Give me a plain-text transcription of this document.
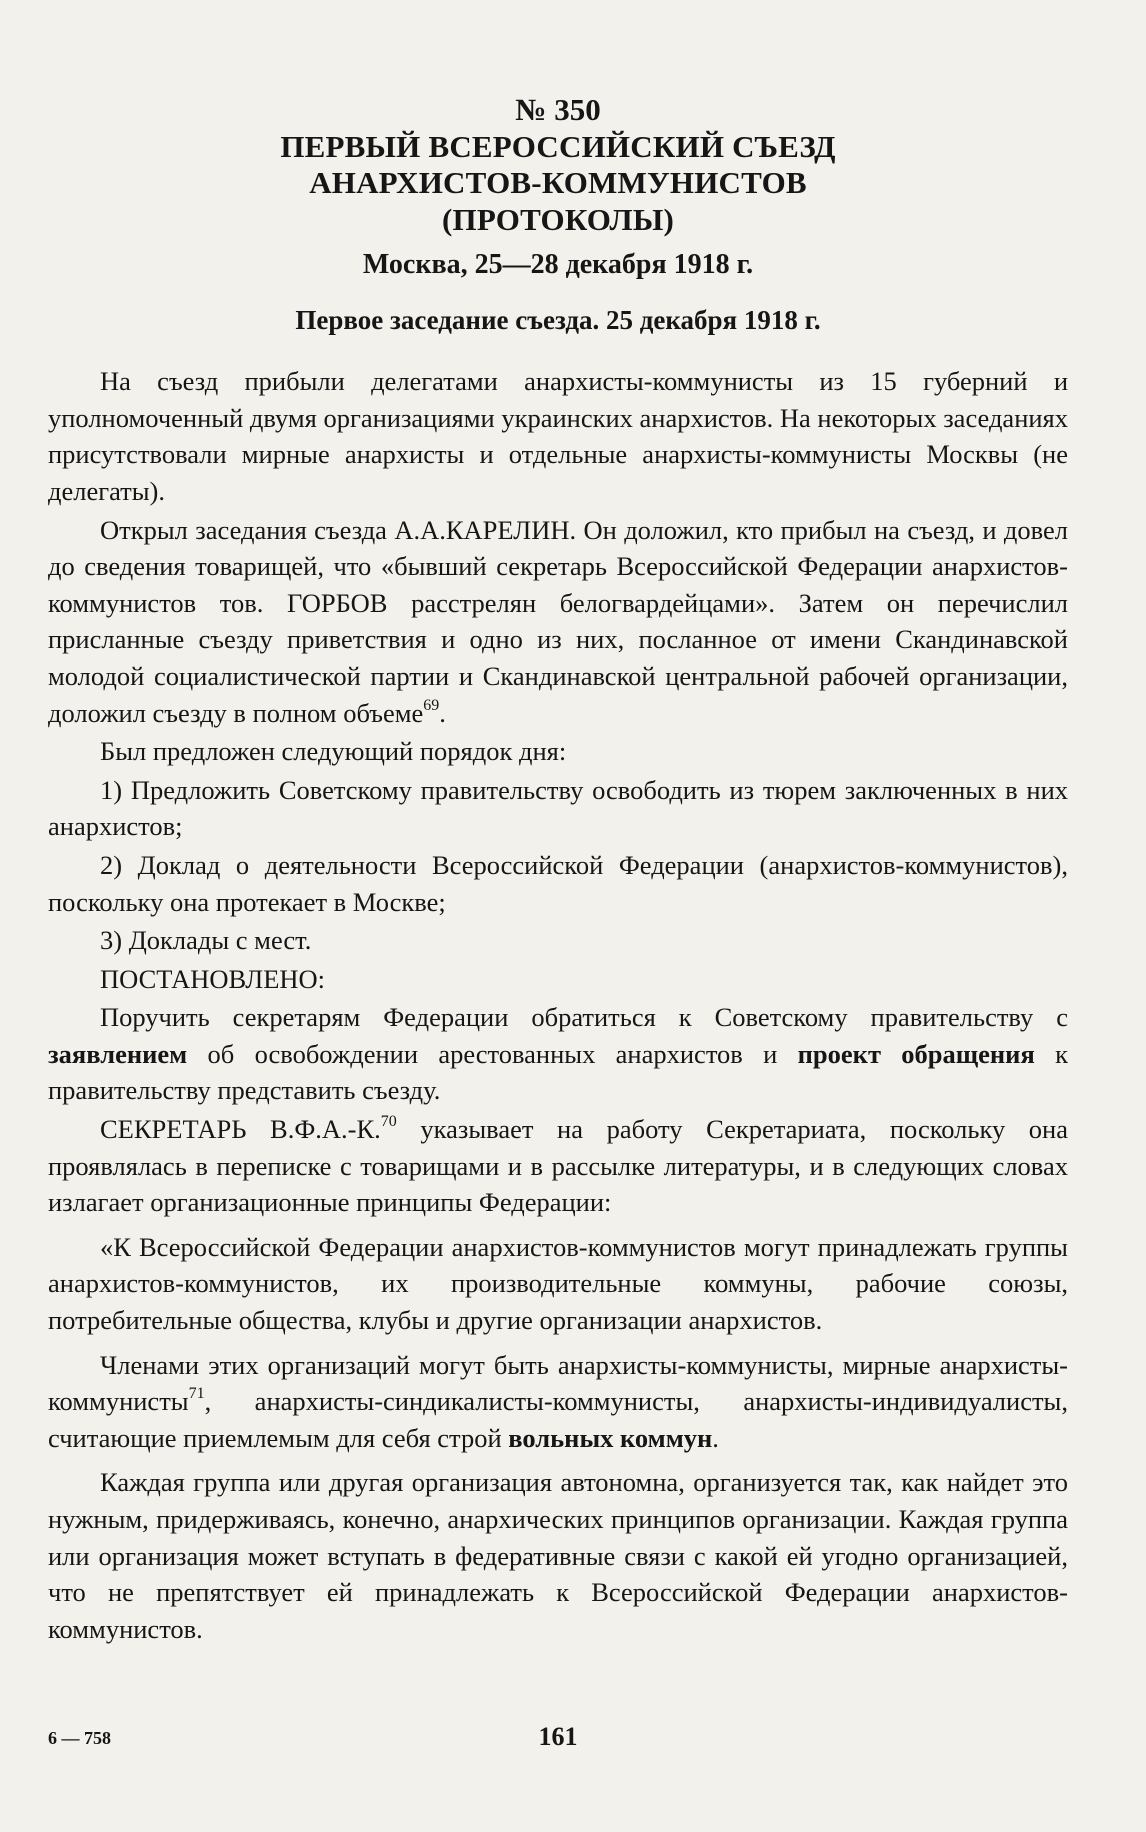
№ 350
ПЕРВЫЙ ВСЕРОССИЙСКИЙ СЪЕЗД
АНАРХИСТОВ-КОММУНИСТОВ
(ПРОТОКОЛЫ)
Москва, 25—28 декабря 1918 г.
Первое заседание съезда. 25 декабря 1918 г.

На съезд прибыли делегатами анархисты-коммунисты из 15 губерний и уполномоченный двумя организациями украинских анархистов. На некоторых заседаниях присутствовали мирные анархисты и отдельные анархисты-коммунисты Москвы (не делегаты).

Открыл заседания съезда А.А.КАРЕЛИН. Он доложил, кто прибыл на съезд, и довел до сведения товарищей, что «бывший секретарь Всероссийской Федерации анархистов-коммунистов тов. ГОРБОВ расстрелян белогвардейцами». Затем он перечислил присланные съезду приветствия и одно из них, посланное от имени Скандинавской молодой социалистической партии и Скандинавской центральной рабочей организации, доложил съезду в полном объеме$^{69}$.

Был предложен следующий порядок дня:

1) Предложить Советскому правительству освободить из тюрем заключенных в них анархистов;

2) Доклад о деятельности Всероссийской Федерации (анархистов-коммунистов), поскольку она протекает в Москве;

3) Доклады с мест.

ПОСТАНОВЛЕНО:

Поручить секретарям Федерации обратиться к Советскому правительству с заявлением об освобождении арестованных анархистов и проект обращения к правительству представить съезду.

СЕКРЕТАРЬ В.Ф.А.-К.$^{70}$ указывает на работу Секретариата, поскольку она проявлялась в переписке с товарищами и в рассылке литературы, и в следующих словах излагает организационные принципы Федерации:

«К Всероссийской Федерации анархистов-коммунистов могут принадлежать группы анархистов-коммунистов, их производительные коммуны, рабочие союзы, потребительные общества, клубы и другие организации анархистов.

Членами этих организаций могут быть анархисты-коммунисты, мирные анархисты-коммунисты$^{71}$, анархисты-синдикалисты-коммунисты, анархисты-индивидуалисты, считающие приемлемым для себя строй вольных коммун.

Каждая группа или другая организация автономна, организуется так, как найдет это нужным, придерживаясь, конечно, анархических принципов организации. Каждая группа или организация может вступать в федеративные связи с какой ей угодно организацией, что не препятствует ей принадлежать к Всероссийской Федерации анархистов-коммунистов.

6 — 758	161
